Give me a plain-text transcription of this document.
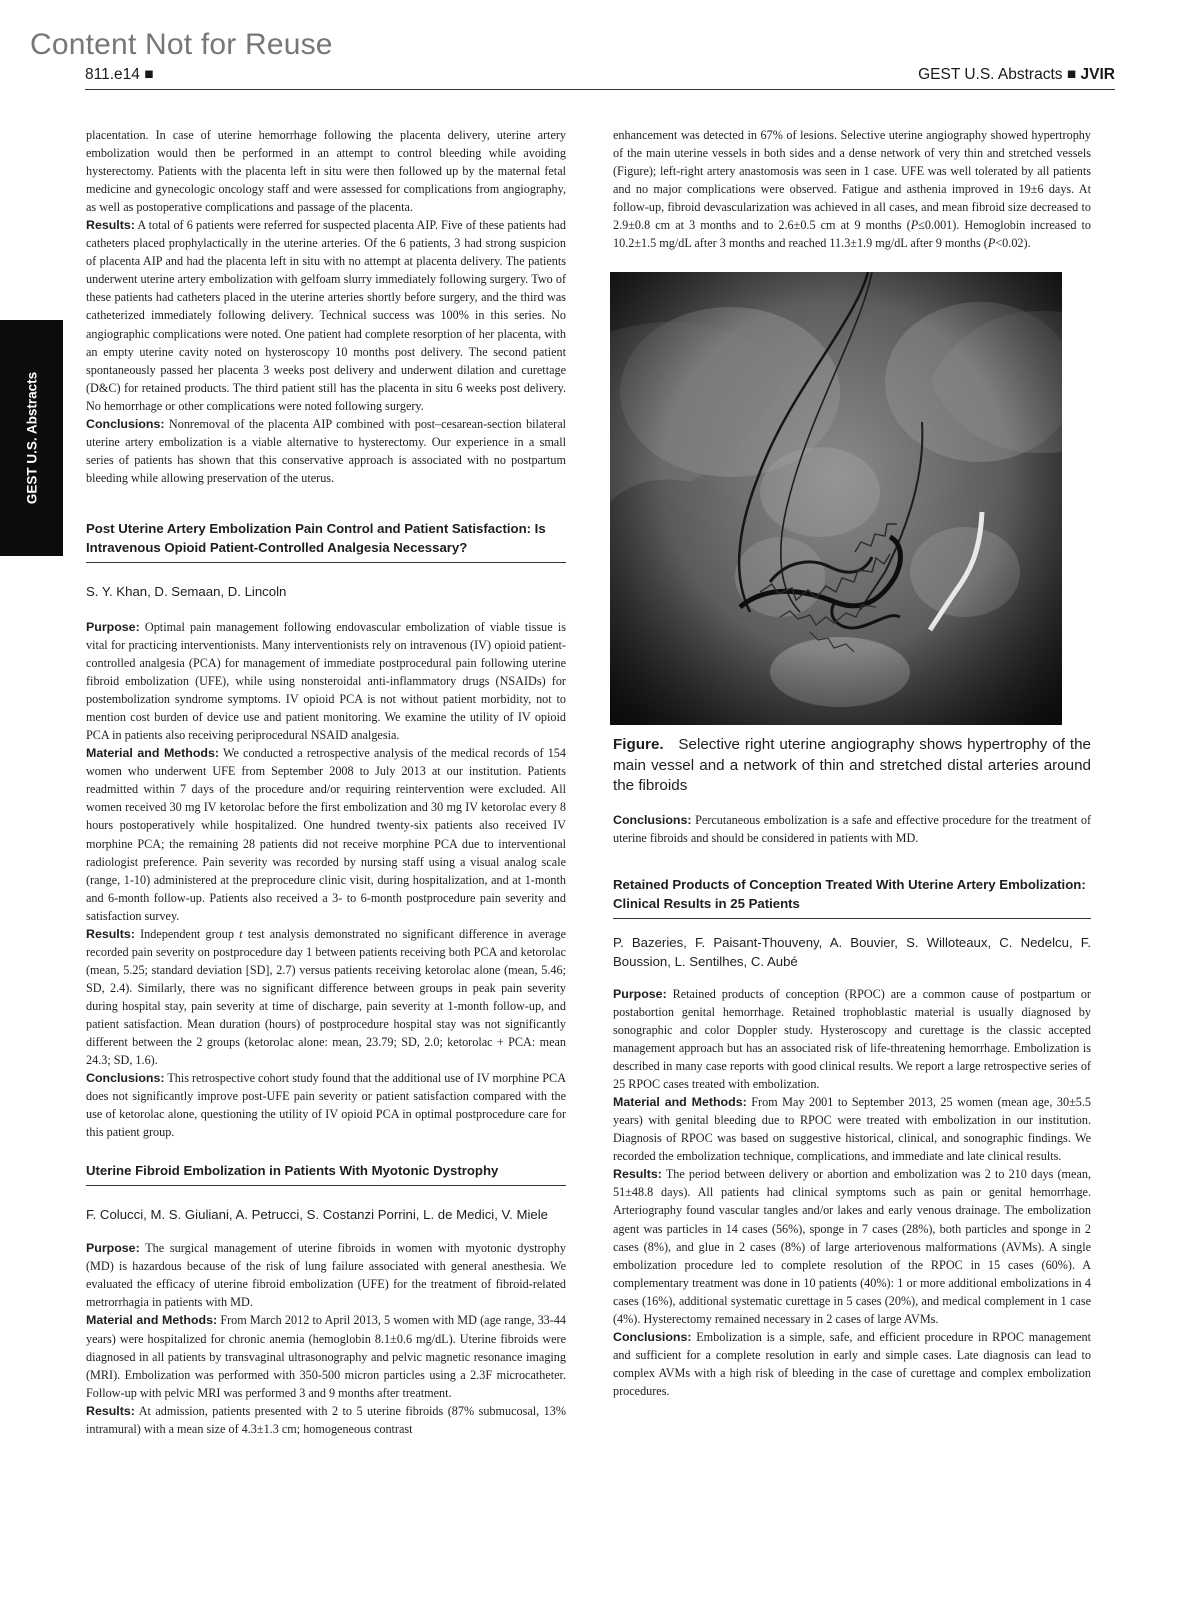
Content Not for Reuse
811.e14 ■	GEST U.S. Abstracts ■ JVIR
GEST U.S. Abstracts

placentation. In case of uterine hemorrhage following the placenta delivery, uterine artery embolization would then be performed in an attempt to control bleeding while avoiding hysterectomy. Patients with the placenta left in situ were then followed up by the maternal fetal medicine and gynecologic oncology staff and were assessed for complications from angiography, as well as postoperative complications and passage of the placenta.

Results: A total of 6 patients were referred for suspected placenta AIP. Five of these patients had catheters placed prophylactically in the uterine arteries. Of the 6 patients, 3 had strong suspicion of placenta AIP and had the placenta left in situ with no attempt at placenta delivery. The patients underwent uterine artery embolization with gelfoam slurry immediately following surgery. Two of these patients had catheters placed in the uterine arteries shortly before surgery, and the third was catheterized immediately following delivery. Technical success was 100% in this series. No angiographic complications were noted. One patient had complete resorption of her placenta, with an empty uterine cavity noted on hysteroscopy 10 months post delivery. The second patient spontaneously passed her placenta 3 weeks post delivery and underwent dilation and curettage (D&C) for retained products. The third patient still has the placenta in situ 6 weeks post delivery. No hemorrhage or other complications were noted following surgery.

Conclusions: Nonremoval of the placenta AIP combined with post–cesarean-section bilateral uterine artery embolization is a viable alternative to hysterectomy. Our experience in a small series of patients has shown that this conservative approach is associated with no postpartum bleeding while allowing preservation of the uterus.

Post Uterine Artery Embolization Pain Control and Patient Satisfaction: Is Intravenous Opioid Patient-Controlled Analgesia Necessary?

S. Y. Khan, D. Semaan, D. Lincoln

Purpose: Optimal pain management following endovascular embolization of viable tissue is vital for practicing interventionists. Many interventionists rely on intravenous (IV) opioid patient-controlled analgesia (PCA) for management of immediate postprocedural pain following uterine fibroid embolization (UFE), while using nonsteroidal anti-inflammatory drugs (NSAIDs) for postembolization syndrome symptoms. IV opioid PCA is not without patient morbidity, not to mention cost burden of device use and patient monitoring. We examine the utility of IV opioid PCA in patients also receiving periprocedural NSAID analgesia.

Material and Methods: We conducted a retrospective analysis of the medical records of 154 women who underwent UFE from September 2008 to July 2013 at our institution. Patients readmitted within 7 days of the procedure and/or requiring reintervention were excluded. All women received 30 mg IV ketorolac before the first embolization and 30 mg IV ketorolac every 8 hours postoperatively while hospitalized. One hundred twenty-six patients also received IV morphine PCA; the remaining 28 patients did not receive morphine PCA due to interventional radiologist preference. Pain severity was recorded by nursing staff using a visual analog scale (range, 1-10) administered at the preprocedure clinic visit, during hospitalization, and at 1-month and 6-month follow-up. Patients also received a 3- to 6-month postprocedure pain severity and satisfaction survey.

Results: Independent group t test analysis demonstrated no significant difference in average recorded pain severity on postprocedure day 1 between patients receiving both PCA and ketorolac (mean, 5.25; standard deviation [SD], 2.7) versus patients receiving ketorolac alone (mean, 5.46; SD, 2.4). Similarly, there was no significant difference between groups in peak pain severity during hospital stay, pain severity at time of discharge, pain severity at 1-month follow-up, and patient satisfaction. Mean duration (hours) of postprocedure hospital stay was not significantly different between the 2 groups (ketorolac alone: mean, 23.79; SD, 2.0; ketorolac + PCA: mean 24.3; SD, 1.6).

Conclusions: This retrospective cohort study found that the additional use of IV morphine PCA does not significantly improve post-UFE pain severity or patient satisfaction compared with the use of ketorolac alone, questioning the utility of IV opioid PCA in optimal postprocedure care for this patient group.

Uterine Fibroid Embolization in Patients With Myotonic Dystrophy

F. Colucci, M. S. Giuliani, A. Petrucci, S. Costanzi Porrini, L. de Medici, V. Miele

Purpose: The surgical management of uterine fibroids in women with myotonic dystrophy (MD) is hazardous because of the risk of lung failure associated with general anesthesia. We evaluated the efficacy of uterine fibroid embolization (UFE) for the treatment of fibroid-related metrorrhagia in patients with MD.

Material and Methods: From March 2012 to April 2013, 5 women with MD (age range, 33-44 years) were hospitalized for chronic anemia (hemoglobin 8.1±0.6 mg/dL). Uterine fibroids were diagnosed in all patients by transvaginal ultrasonography and pelvic magnetic resonance imaging (MRI). Embolization was performed with 350-500 micron particles using a 2.3F microcatheter. Follow-up with pelvic MRI was performed 3 and 9 months after treatment.

Results: At admission, patients presented with 2 to 5 uterine fibroids (87% submucosal, 13% intramural) with a mean size of 4.3±1.3 cm; homogeneous contrast

enhancement was detected in 67% of lesions. Selective uterine angiography showed hypertrophy of the main uterine vessels in both sides and a dense network of very thin and stretched vessels (Figure); left-right artery anastomosis was seen in 1 case. UFE was well tolerated by all patients and no major complications were observed. Fatigue and asthenia improved in 19±6 days. At follow-up, fibroid devascularization was achieved in all cases, and mean fibroid size decreased to 2.9±0.8 cm at 3 months and to 2.6±0.5 cm at 9 months (P≤0.001). Hemoglobin increased to 10.2±1.5 mg/dL after 3 months and reached 11.3±1.9 mg/dL after 9 months (P<0.02).

Figure. Selective right uterine angiography shows hypertrophy of the main vessel and a network of thin and stretched distal arteries around the fibroids

Conclusions: Percutaneous embolization is a safe and effective procedure for the treatment of uterine fibroids and should be considered in patients with MD.

Retained Products of Conception Treated With Uterine Artery Embolization: Clinical Results in 25 Patients

P. Bazeries, F. Paisant-Thouveny, A. Bouvier, S. Willoteaux, C. Nedelcu, F. Boussion, L. Sentilhes, C. Aubé

Purpose: Retained products of conception (RPOC) are a common cause of postpartum or postabortion genital hemorrhage. Retained trophoblastic material is usually diagnosed by sonographic and color Doppler study. Hysteroscopy and curettage is the classic accepted management approach but has an associated risk of life-threatening hemorrhage. Embolization is described in many case reports with good clinical results. We report a large retrospective series of 25 RPOC cases treated with embolization.

Material and Methods: From May 2001 to September 2013, 25 women (mean age, 30±5.5 years) with genital bleeding due to RPOC were treated with embolization in our institution. Diagnosis of RPOC was based on suggestive historical, clinical, and sonographic findings. We recorded the embolization technique, complications, and immediate and late clinical results.

Results: The period between delivery or abortion and embolization was 2 to 210 days (mean, 51±48.8 days). All patients had clinical symptoms such as pain or genital hemorrhage. Arteriography found vascular tangles and/or lakes and early venous drainage. The embolization agent was particles in 14 cases (56%), sponge in 7 cases (28%), both particles and sponge in 2 cases (8%), and glue in 2 cases (8%) of large arteriovenous malformations (AVMs). A single embolization procedure led to complete resolution of the RPOC in 15 cases (60%). A complementary treatment was done in 10 patients (40%): 1 or more additional embolizations in 4 cases (16%), additional systematic curettage in 5 cases (20%), and medical complement in 1 case (4%). Hysterectomy remained necessary in 2 cases of large AVMs.

Conclusions: Embolization is a simple, safe, and efficient procedure in RPOC management and sufficient for a complete resolution in early and simple cases. Late diagnosis can lead to complex AVMs with a high risk of bleeding in the case of curettage and complex embolization procedures.
